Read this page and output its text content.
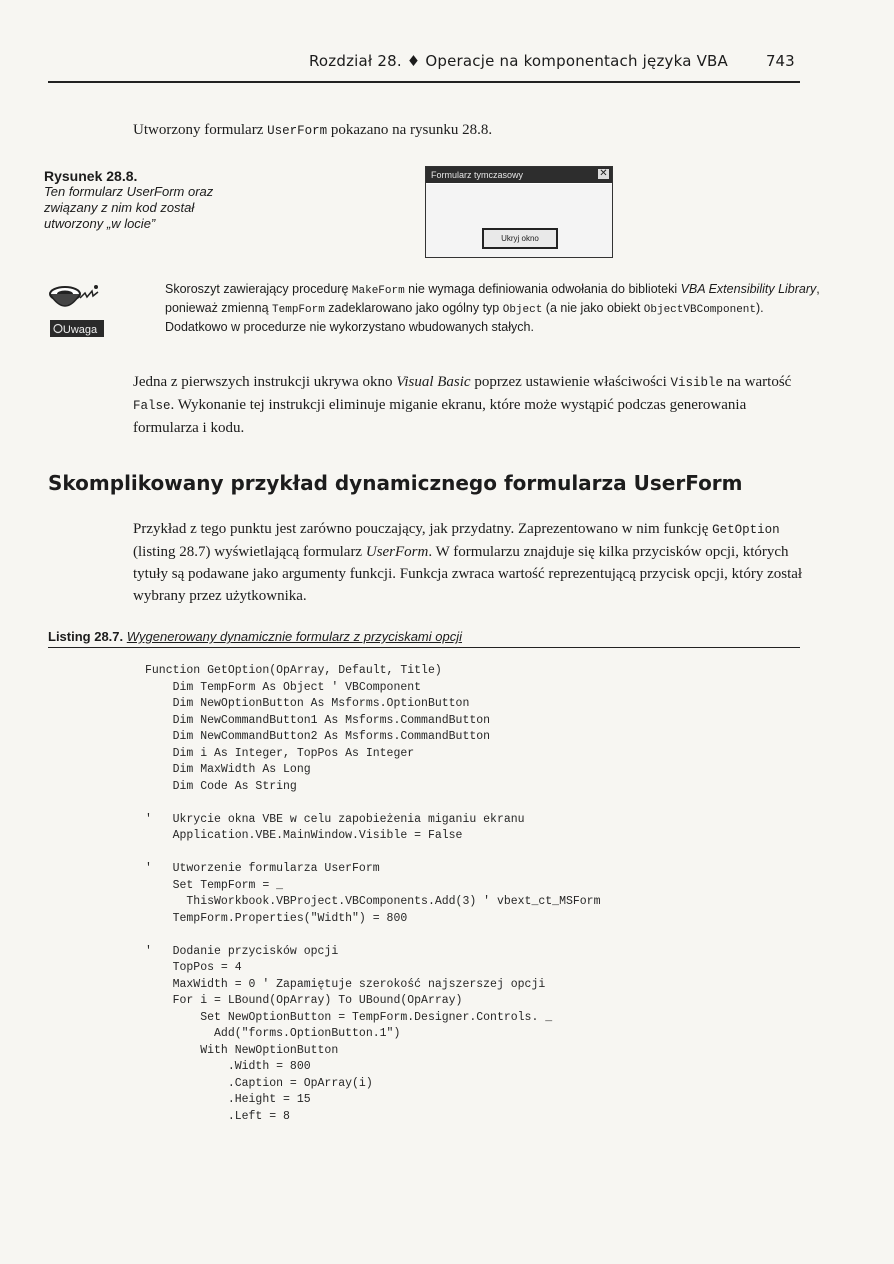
Rozdział 28. ♦ Operacje na komponentach języka VBA	743
Utworzony formularz UserForm pokazano na rysunku 28.8.
Rysunek 28.8.
Ten formularz UserForm oraz związany z nim kod został utworzony „w locie”
Formularz tymczasowy	✕
Ukryj okno
Uwaga
Skoroszyt zawierający procedurę MakeForm nie wymaga definiowania odwołania do biblioteki VBA Extensibility Library, ponieważ zmienną TempForm zadeklarowano jako ogólny typ Object (a nie jako obiekt ObjectVBComponent). Dodatkowo w procedurze nie wykorzystano wbudowanych stałych.
Jedna z pierwszych instrukcji ukrywa okno Visual Basic poprzez ustawienie właściwości Visible na wartość False. Wykonanie tej instrukcji eliminuje miganie ekranu, które może wystąpić podczas generowania formularza i kodu.
Skomplikowany przykład dynamicznego formularza UserForm
Przykład z tego punktu jest zarówno pouczający, jak przydatny. Zaprezentowano w nim funkcję GetOption (listing 28.7) wyświetlającą formularz UserForm. W formularzu znajduje się kilka przycisków opcji, których tytuły są podawane jako argumenty funkcji. Funkcja zwraca wartość reprezentującą przycisk opcji, który został wybrany przez użytkownika.
Listing 28.7. Wygenerowany dynamicznie formularz z przyciskami opcji
Function GetOption(OpArray, Default, Title)
Dim TempForm As Object ' VBComponent
Dim NewOptionButton As Msforms.OptionButton
Dim NewCommandButton1 As Msforms.CommandButton
Dim NewCommandButton2 As Msforms.CommandButton
Dim i As Integer, TopPos As Integer
Dim MaxWidth As Long
Dim Code As String
'   Ukrycie okna VBE w celu zapobieżenia miganiu ekranu
Application.VBE.MainWindow.Visible = False
'   Utworzenie formularza UserForm
Set TempForm = _
ThisWorkbook.VBProject.VBComponents.Add(3) ' vbext_ct_MSForm
TempForm.Properties("Width") = 800
'   Dodanie przycisków opcji
TopPos = 4
MaxWidth = 0 ' Zapamiętuje szerokość najszerszej opcji
For i = LBound(OpArray) To UBound(OpArray)
Set NewOptionButton = TempForm.Designer.Controls. _
Add("forms.OptionButton.1")
With NewOptionButton
.Width = 800
.Caption = OpArray(i)
.Height = 15
.Left = 8
